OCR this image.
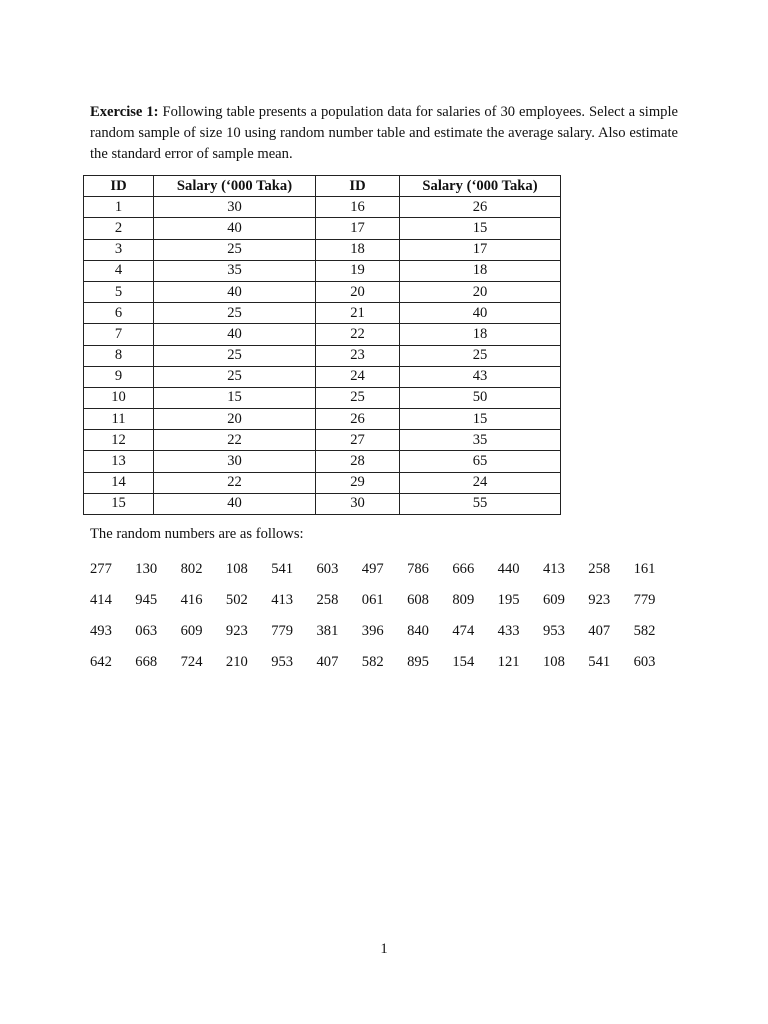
Exercise 1: Following table presents a population data for salaries of 30 employees. Select a simple random sample of size 10 using random number table and estimate the average salary. Also estimate the standard error of sample mean.

ID	Salary (‘000 Taka)	ID	Salary (‘000 Taka)
1	30	16	26
2	40	17	15
3	25	18	17
4	35	19	18
5	40	20	20
6	25	21	40
7	40	22	18
8	25	23	25
9	25	24	43
10	15	25	50
11	20	26	15
12	22	27	35
13	30	28	65
14	22	29	24
15	40	30	55

The random numbers are as follows:

277	130	802	108	541	603	497	786	666	440	413	258	161
414	945	416	502	413	258	061	608	809	195	609	923	779
493	063	609	923	779	381	396	840	474	433	953	407	582
642	668	724	210	953	407	582	895	154	121	108	541	603
1
